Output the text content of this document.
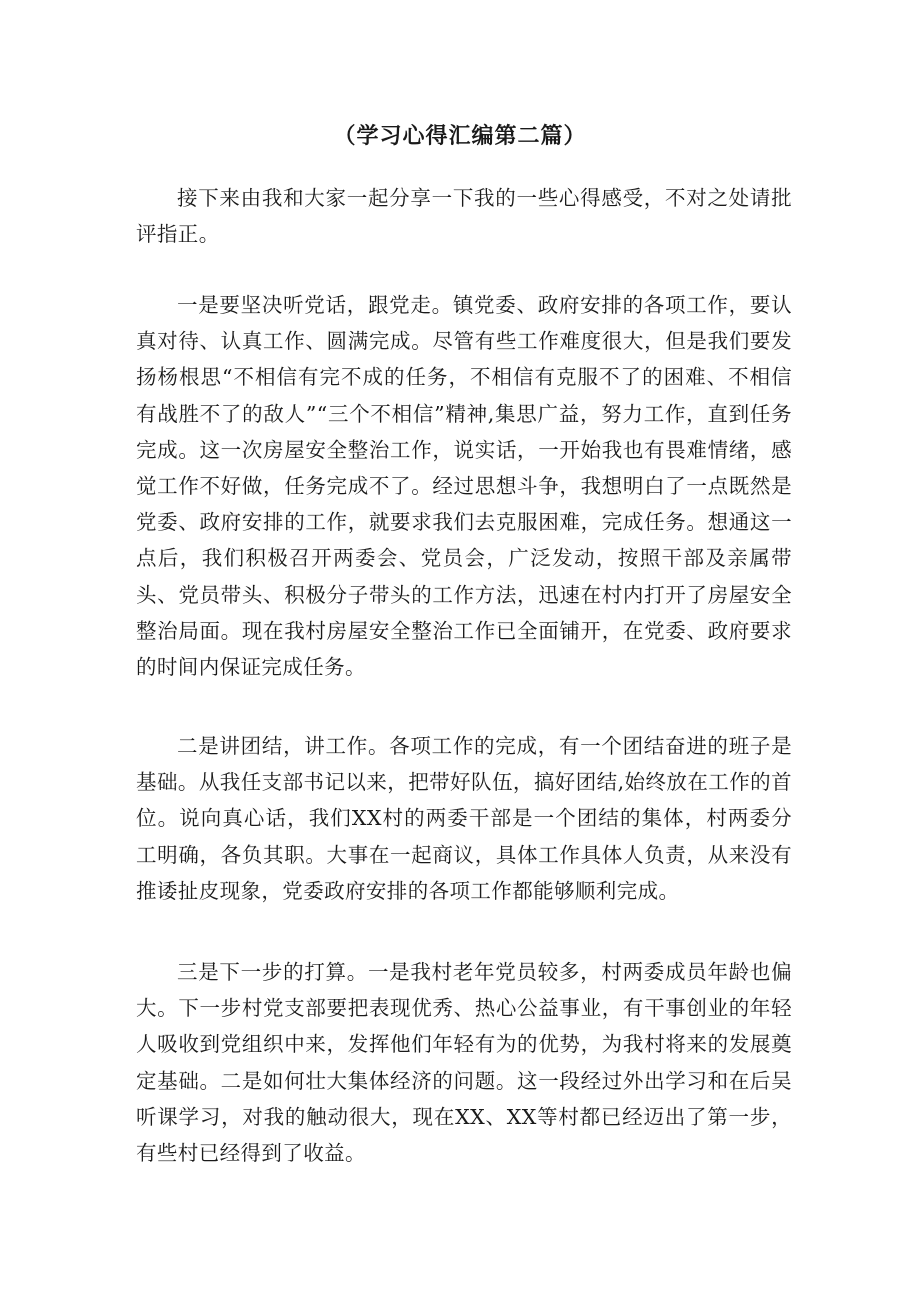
（学习心得汇编第二篇）

接下来由我和大家一起分享一下我的一些心得感受，不对之处请批评指正。

一是要坚决听党话，跟党走。镇党委、政府安排的各项工作，要认真对待、认真工作、圆满完成。尽管有些工作难度很大，但是我们要发扬杨根思“不相信有完不成的任务，不相信有克服不了的困难、不相信有战胜不了的敌人”“三个不相信”精神,集思广益，努力工作，直到任务完成。这一次房屋安全整治工作，说实话，一开始我也有畏难情绪，感觉工作不好做，任务完成不了。经过思想斗争，我想明白了一点既然是党委、政府安排的工作，就要求我们去克服困难，完成任务。想通这一点后，我们积极召开两委会、党员会，广泛发动，按照干部及亲属带头、党员带头、积极分子带头的工作方法，迅速在村内打开了房屋安全整治局面。现在我村房屋安全整治工作已全面铺开，在党委、政府要求的时间内保证完成任务。

二是讲团结，讲工作。各项工作的完成，有一个团结奋进的班子是基础。从我任支部书记以来，把带好队伍，搞好团结,始终放在工作的首位。说向真心话，我们XX村的两委干部是一个团结的集体，村两委分工明确，各负其职。大事在一起商议，具体工作具体人负责，从来没有推诿扯皮现象，党委政府安排的各项工作都能够顺利完成。

三是下一步的打算。一是我村老年党员较多，村两委成员年龄也偏大。下一步村党支部要把表现优秀、热心公益事业，有干事创业的年轻人吸收到党组织中来，发挥他们年轻有为的优势，为我村将来的发展奠定基础。二是如何壮大集体经济的问题。这一段经过外出学习和在后吴听课学习，对我的触动很大，现在XX、XX等村都已经迈出了第一步，有些村已经得到了收益。
